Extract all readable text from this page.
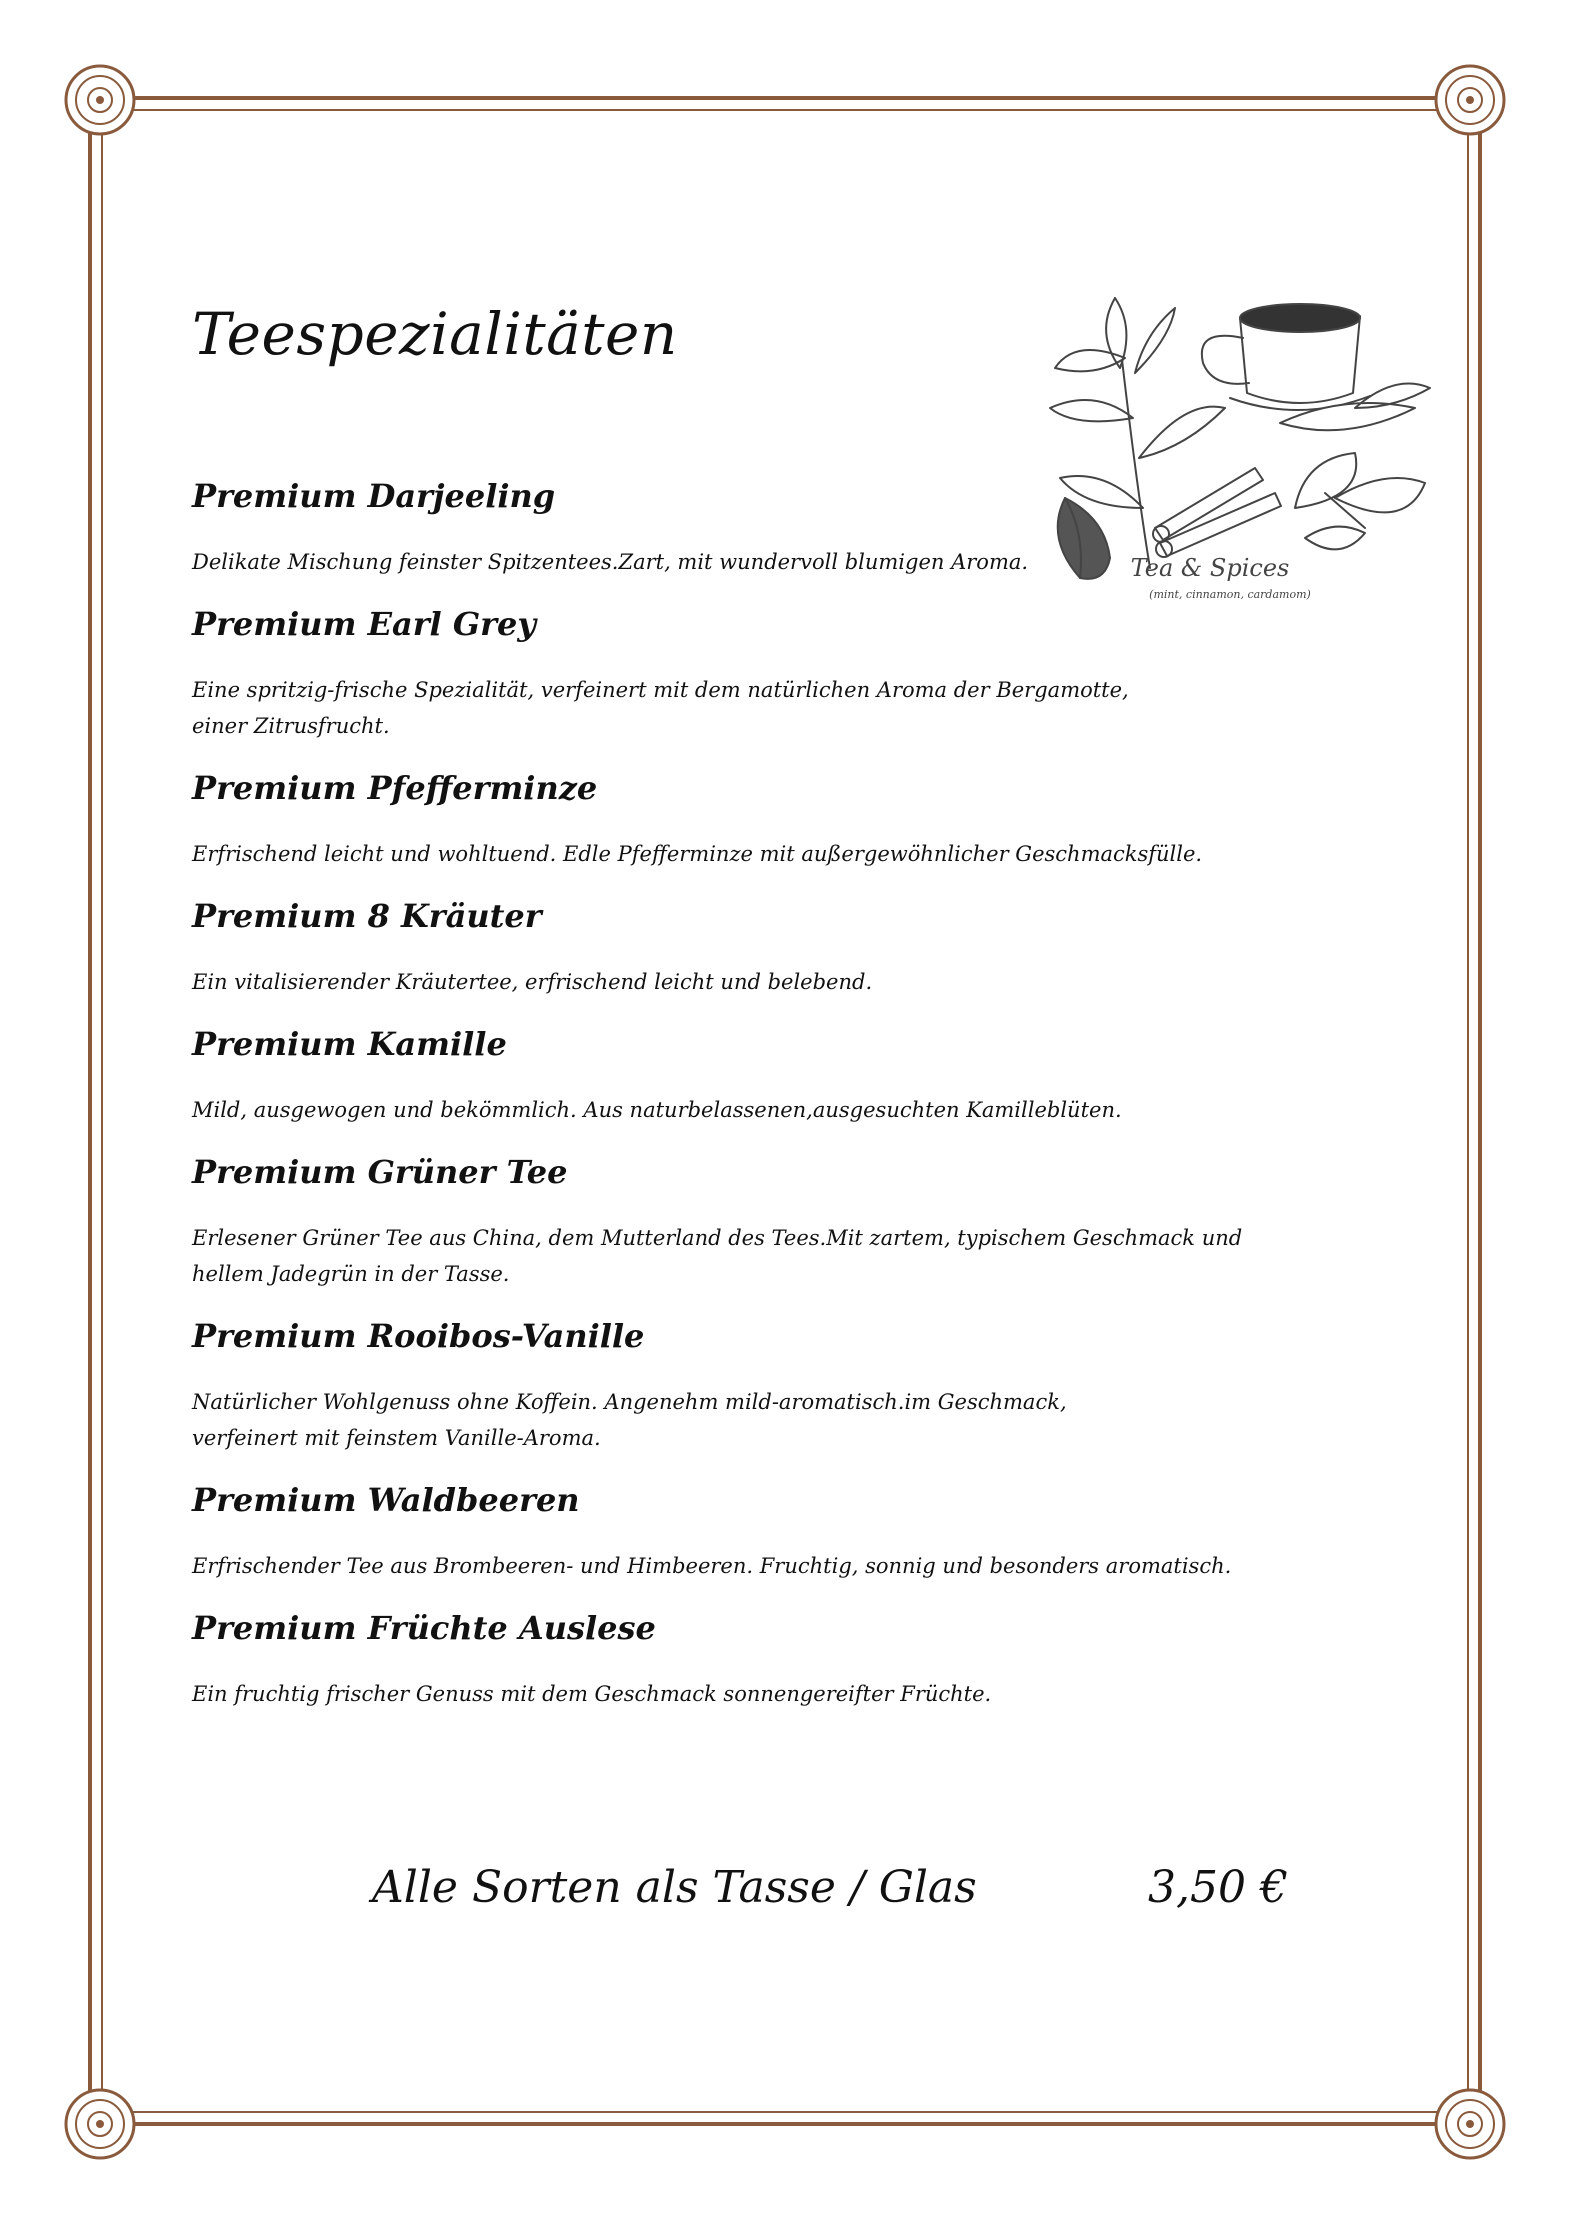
Teespezialitäten
Tea & Spices
(mint, cinnamon, cardamom)
Premium Darjeeling
Delikate Mischung feinster Spitzentees.Zart, mit wundervoll blumigen Aroma.
Premium Earl Grey
Eine spritzig-frische Spezialität, verfeinert mit dem natürlichen Aroma der Bergamotte,
einer Zitrusfrucht.
Premium Pfefferminze
Erfrischend leicht und wohltuend. Edle Pfefferminze mit außergewöhnlicher Geschmacksfülle.
Premium 8 Kräuter
Ein vitalisierender Kräutertee, erfrischend leicht und belebend.
Premium Kamille
Mild, ausgewogen und bekömmlich. Aus naturbelassenen,ausgesuchten Kamilleblüten.
Premium Grüner Tee
Erlesener Grüner Tee aus China, dem Mutterland des Tees.Mit zartem, typischem Geschmack und
hellem Jadegrün in der Tasse.
Premium Rooibos-Vanille
Natürlicher Wohlgenuss ohne Koffein. Angenehm mild-aromatisch.im Geschmack,
verfeinert mit feinstem Vanille-Aroma.
Premium Waldbeeren
Erfrischender Tee aus Brombeeren- und Himbeeren. Fruchtig, sonnig und besonders aromatisch.
Premium Früchte Auslese
Ein fruchtig frischer Genuss mit dem Geschmack sonnengereifter Früchte.
Alle Sorten als Tasse / Glas	3,50 €
